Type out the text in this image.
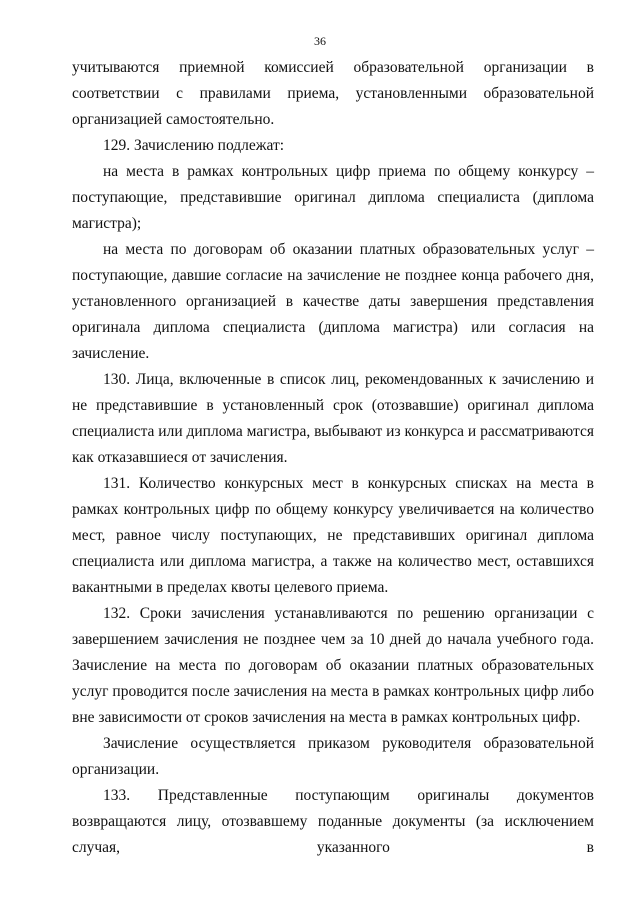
36

учитываются приемной комиссией образовательной организации в соответствии с правилами приема, установленными образовательной организацией самостоятельно.

129. Зачислению подлежат:

на места в рамках контрольных цифр приема по общему конкурсу – поступающие, представившие оригинал диплома специалиста (диплома магистра);

на места по договорам об оказании платных образовательных услуг – поступающие, давшие согласие на зачисление не позднее конца рабочего дня, установленного организацией в качестве даты завершения представления оригинала диплома специалиста (диплома магистра) или согласия на зачисление.

130. Лица, включенные в список лиц, рекомендованных к зачислению и не представившие в установленный срок (отозвавшие) оригинал диплома специалиста или диплома магистра, выбывают из конкурса и рассматриваются как отказавшиеся от зачисления.

131. Количество конкурсных мест в конкурсных списках на места в рамках контрольных цифр по общему конкурсу увеличивается на количество мест, равное числу поступающих, не представивших оригинал диплома специалиста или диплома магистра, а также на количество мест, оставшихся вакантными в пределах квоты целевого приема.

132. Сроки зачисления устанавливаются по решению организации с завершением зачисления не позднее чем за 10 дней до начала учебного года. Зачисление на места по договорам об оказании платных образовательных услуг проводится после зачисления на места в рамках контрольных цифр либо вне зависимости от сроков зачисления на места в рамках контрольных цифр.

Зачисление осуществляется приказом руководителя образовательной организации.

133. Представленные поступающим оригиналы документов возвращаются лицу, отозвавшему поданные документы (за исключением случая, указанного в
